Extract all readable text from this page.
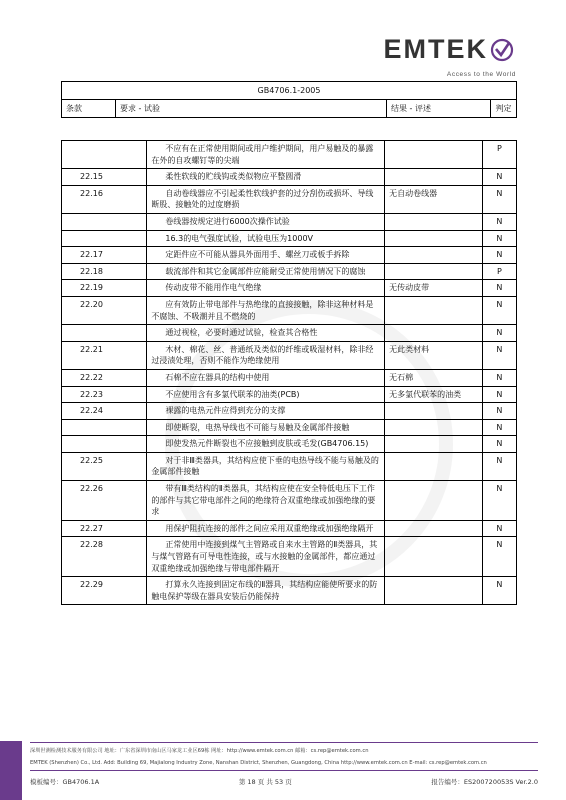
EMTEK
Access to the World
GB4706.1-2005
条款	要求 - 试验	结果 - 评述	判定
	不应有在正常使用期间或用户维护期间，用户易触及的暴露在外的自攻螺钉等的尖端		P
22.15	柔性软线的贮线钩或类似物应平整圆滑		N
22.16	自动卷线器应不引起柔性软线护套的过分刮伤或损坏、导线断股、接触处的过度磨损	无自动卷线器	N
	卷线器按规定进行6000次操作试验		N
	16.3的电气强度试验，试验电压为1000V		N
22.17	定距件应不可能从器具外面用手、螺丝刀或板手拆除		N
22.18	载流部件和其它金属部件应能耐受正常使用情况下的腐蚀		P
22.19	传动皮带不能用作电气绝缘	无传动皮带	N
22.20	应有效防止带电部件与热绝缘的直接接触，除非这种材料是不腐蚀、不吸潮并且不燃烧的		N
	通过视检，必要时通过试验，检查其合格性		N
22.21	木材、棉花、丝、普通纸及类似的纤维或吸湿材料，除非经过浸渍处理，否则不能作为绝缘使用	无此类材料	N
22.22	石棉不应在器具的结构中使用	无石棉	N
22.23	不应使用含有多氯代联苯的油类(PCB)	无多氯代联苯的油类	N
22.24	裸露的电热元件应得到充分的支撑		N
	即使断裂，电热导线也不可能与易触及金属部件接触		N
	即使发热元件断裂也不应接触到皮肤或毛发(GB4706.15)		N
22.25	对于非Ⅲ类器具，其结构应使下垂的电热导线不能与易触及的金属部件接触		N
22.26	带有Ⅲ类结构的Ⅱ类器具，其结构应使在安全特低电压下工作的部件与其它带电部件之间的绝缘符合双重绝缘或加强绝缘的要求		N
22.27	用保护阻抗连接的部件之间应采用双重绝缘或加强绝缘隔开		N
22.28	正常使用中连接到煤气主管路或自来水主管路的Ⅱ类器具，其与煤气管路有可导电性连接，或与水接触的金属部件，都应通过双重绝缘或加强绝缘与带电部件隔开		N
22.29	打算永久连接到固定布线的Ⅱ器具，其结构应能使所要求的防触电保护等级在器具安装后仍能保持		N
深圳世测检测技术服务有限公司 地址：广东省深圳市南山区马家龙工业区69栋 网址：http://www.emtek.com.cn 邮箱：cs.rep@emtek.com.cn
EMTEK (Shenzhen) Co., Ltd. Add: Building 69, Majialong Industry Zone, Nanshan District, Shenzhen, Guangdong, China http://www.emtek.com.cn E-mail: cs.rep@emtek.com.cn
模板编号：GB4706.1A	第 18 页 共 53 页	报告编号：ES200720053S Ver.2.0
